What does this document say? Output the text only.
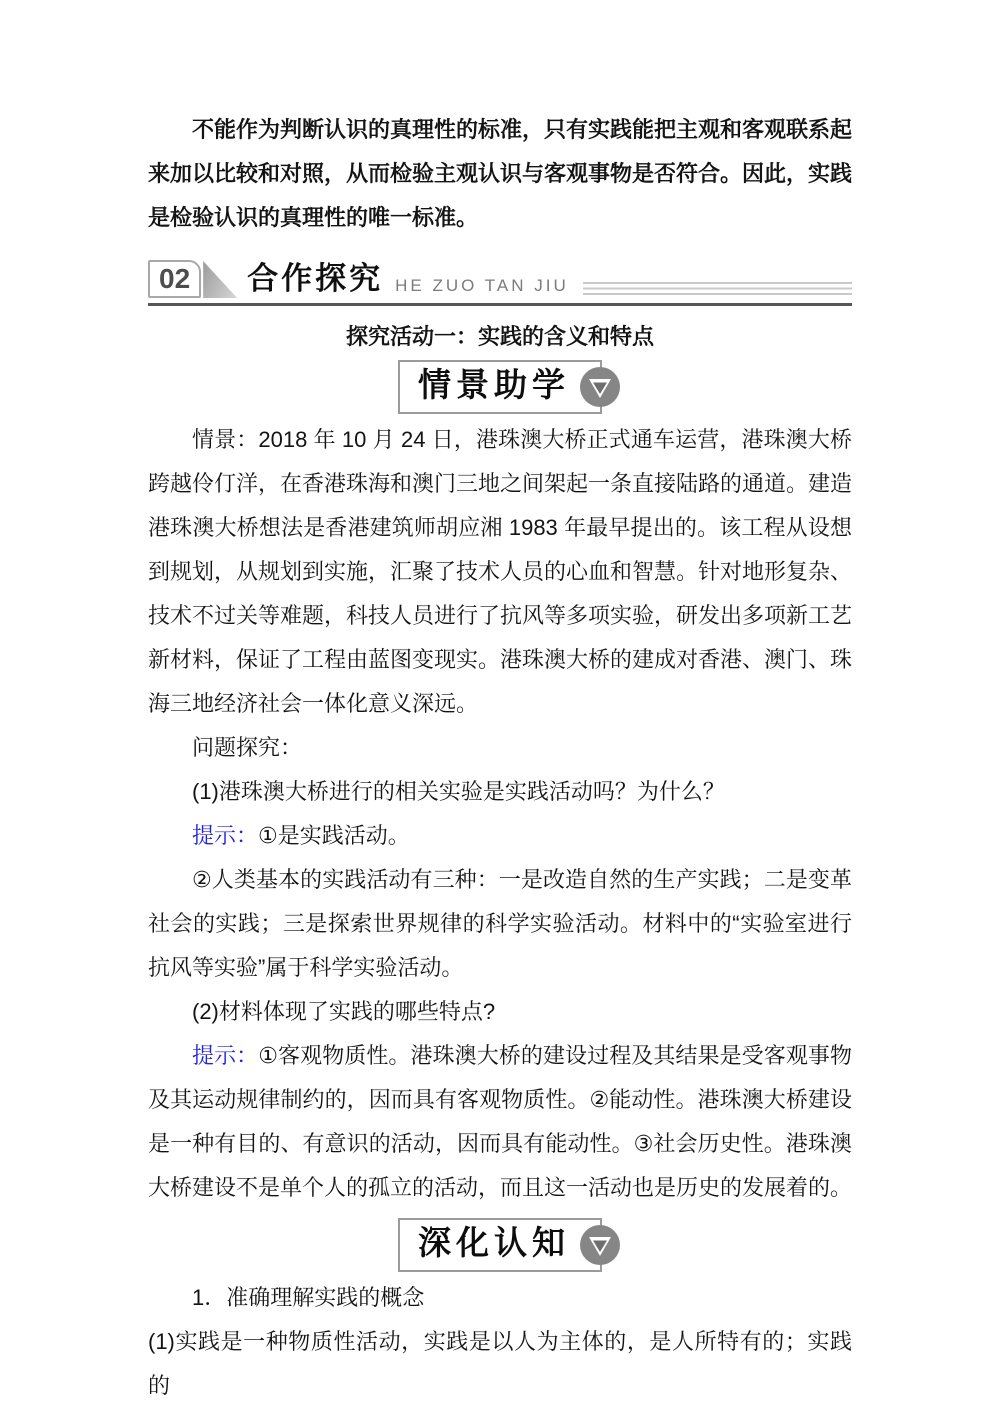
不能作为判断认识的真理性的标准，只有实践能把主观和客观联系起来加以比较和对照，从而检验主观认识与客观事物是否符合。因此，实践是检验认识的真理性的唯一标准。

02	合作探究 HE ZUO TAN JIU

探究活动一：实践的含义和特点

情景助学

情景：2018 年 10 月 24 日，港珠澳大桥正式通车运营，港珠澳大桥跨越伶仃洋，在香港珠海和澳门三地之间架起一条直接陆路的通道。建造港珠澳大桥想法是香港建筑师胡应湘 1983 年最早提出的。该工程从设想到规划，从规划到实施，汇聚了技术人员的心血和智慧。针对地形复杂、技术不过关等难题，科技人员进行了抗风等多项实验，研发出多项新工艺新材料，保证了工程由蓝图变现实。港珠澳大桥的建成对香港、澳门、珠海三地经济社会一体化意义深远。

问题探究：

(1)港珠澳大桥进行的相关实验是实践活动吗？为什么？

提示：①是实践活动。

②人类基本的实践活动有三种：一是改造自然的生产实践；二是变革社会的实践；三是探索世界规律的科学实验活动。材料中的“实验室进行抗风等实验”属于科学实验活动。

(2)材料体现了实践的哪些特点?

提示：①客观物质性。港珠澳大桥的建设过程及其结果是受客观事物及其运动规律制约的，因而具有客观物质性。②能动性。港珠澳大桥建设是一种有目的、有意识的活动，因而具有能动性。③社会历史性。港珠澳大桥建设不是单个人的孤立的活动，而且这一活动也是历史的发展着的。

深化认知

1．准确理解实践的概念

(1)实践是一种物质性活动，实践是以人为主体的，是人所特有的；实践的
